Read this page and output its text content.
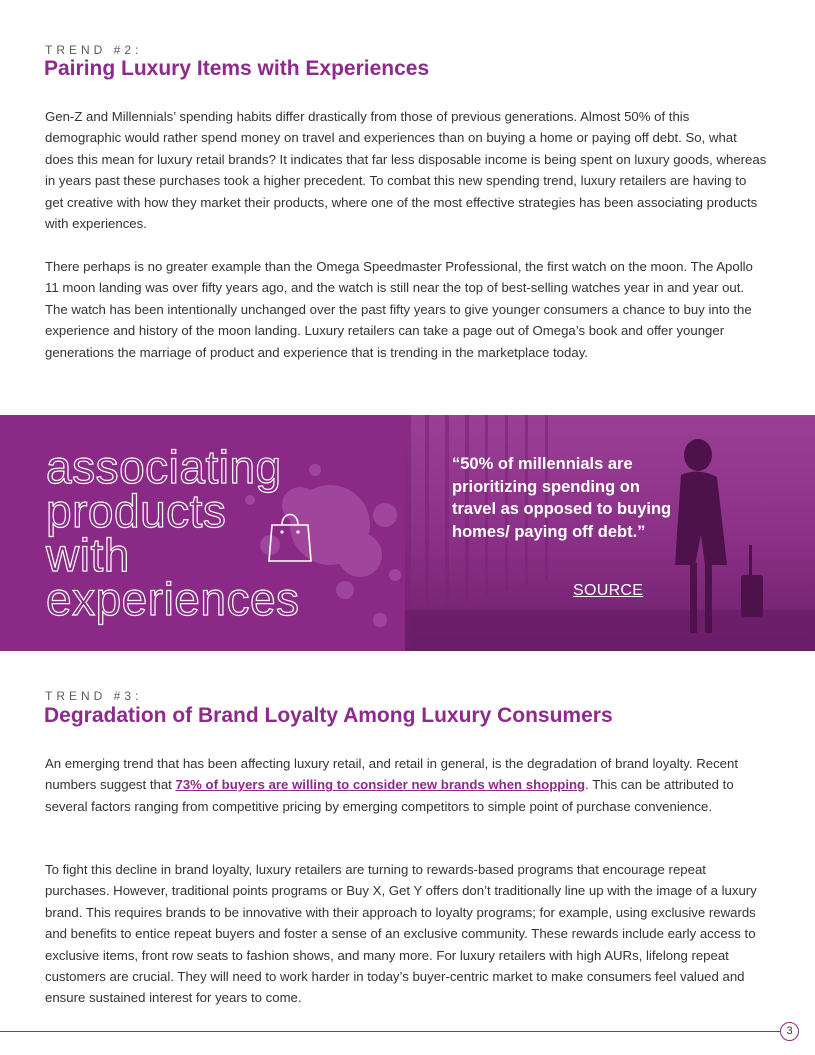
TREND #2:
Pairing Luxury Items with Experiences

Gen-Z and Millennials’ spending habits differ drastically from those of previous generations. Almost 50% of this demographic would rather spend money on travel and experiences than on buying a home or paying off debt. So, what does this mean for luxury retail brands? It indicates that far less disposable income is being spent on luxury goods, whereas in years past these purchases took a higher precedent. To combat this new spending trend, luxury retailers are having to get creative with how they market their products, where one of the most effective strategies has been associating products with experiences.

There perhaps is no greater example than the Omega Speedmaster Professional, the first watch on the moon. The Apollo 11 moon landing was over fifty years ago, and the watch is still near the top of best-selling watches year in and year out. The watch has been intentionally unchanged over the past fifty years to give younger consumers a chance to buy into the experience and history of the moon landing. Luxury retailers can take a page out of Omega’s book and offer younger generations the marriage of product and experience that is trending in the marketplace today.

associating
products
with
experiences
“50% of millennials are prioritizing spending on travel as opposed to buying homes/ paying off debt.”
SOURCE
TREND #3:
Degradation of Brand Loyalty Among Luxury Consumers

An emerging trend that has been affecting luxury retail, and retail in general, is the degradation of brand loyalty. Recent numbers suggest that 73% of buyers are willing to consider new brands when shopping. This can be attributed to several factors ranging from competitive pricing by emerging competitors to simple point of purchase convenience.

To fight this decline in brand loyalty, luxury retailers are turning to rewards-based programs that encourage repeat purchases. However, traditional points programs or Buy X, Get Y offers don’t traditionally line up with the image of a luxury brand. This requires brands to be innovative with their approach to loyalty programs; for example, using exclusive rewards and benefits to entice repeat buyers and foster a sense of an exclusive community. These rewards include early access to exclusive items, front row seats to fashion shows, and many more. For luxury retailers with high AURs, lifelong repeat customers are crucial. They will need to work harder in today’s buyer-centric market to make consumers feel valued and ensure sustained interest for years to come.

3
